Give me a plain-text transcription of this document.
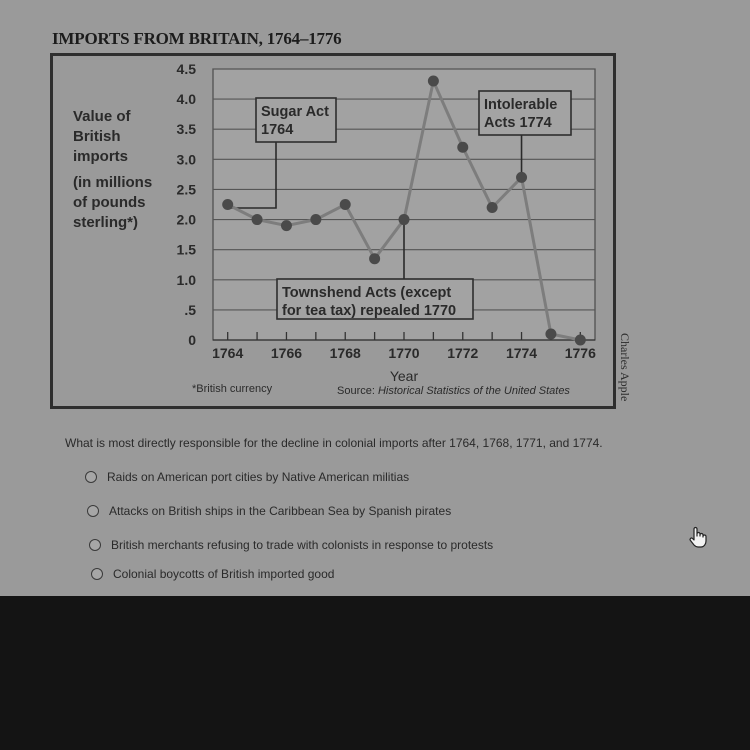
IMPORTS FROM BRITAIN, 1764–1776
Value of
British
imports
(in millions
of pounds
sterling*)
0
.5
1.0
1.5
2.0
2.5
3.0
3.5
4.0
4.5
1764 1766 1768 1770 1772 1774 1776
Year
Sugar Act
1764
Townshend Acts (except
for tea tax) repealed 1770
Intolerable
Acts 1774
Charles Apple
*British currency	Source: Historical Statistics of the United States
What is most directly responsible for the decline in colonial imports after 1764, 1768, 1771, and 1774.
Raids on American port cities by Native American militias
Attacks on British ships in the Caribbean Sea by Spanish pirates
British merchants refusing to trade with colonists in response to protests
Colonial boycotts of British imported good
